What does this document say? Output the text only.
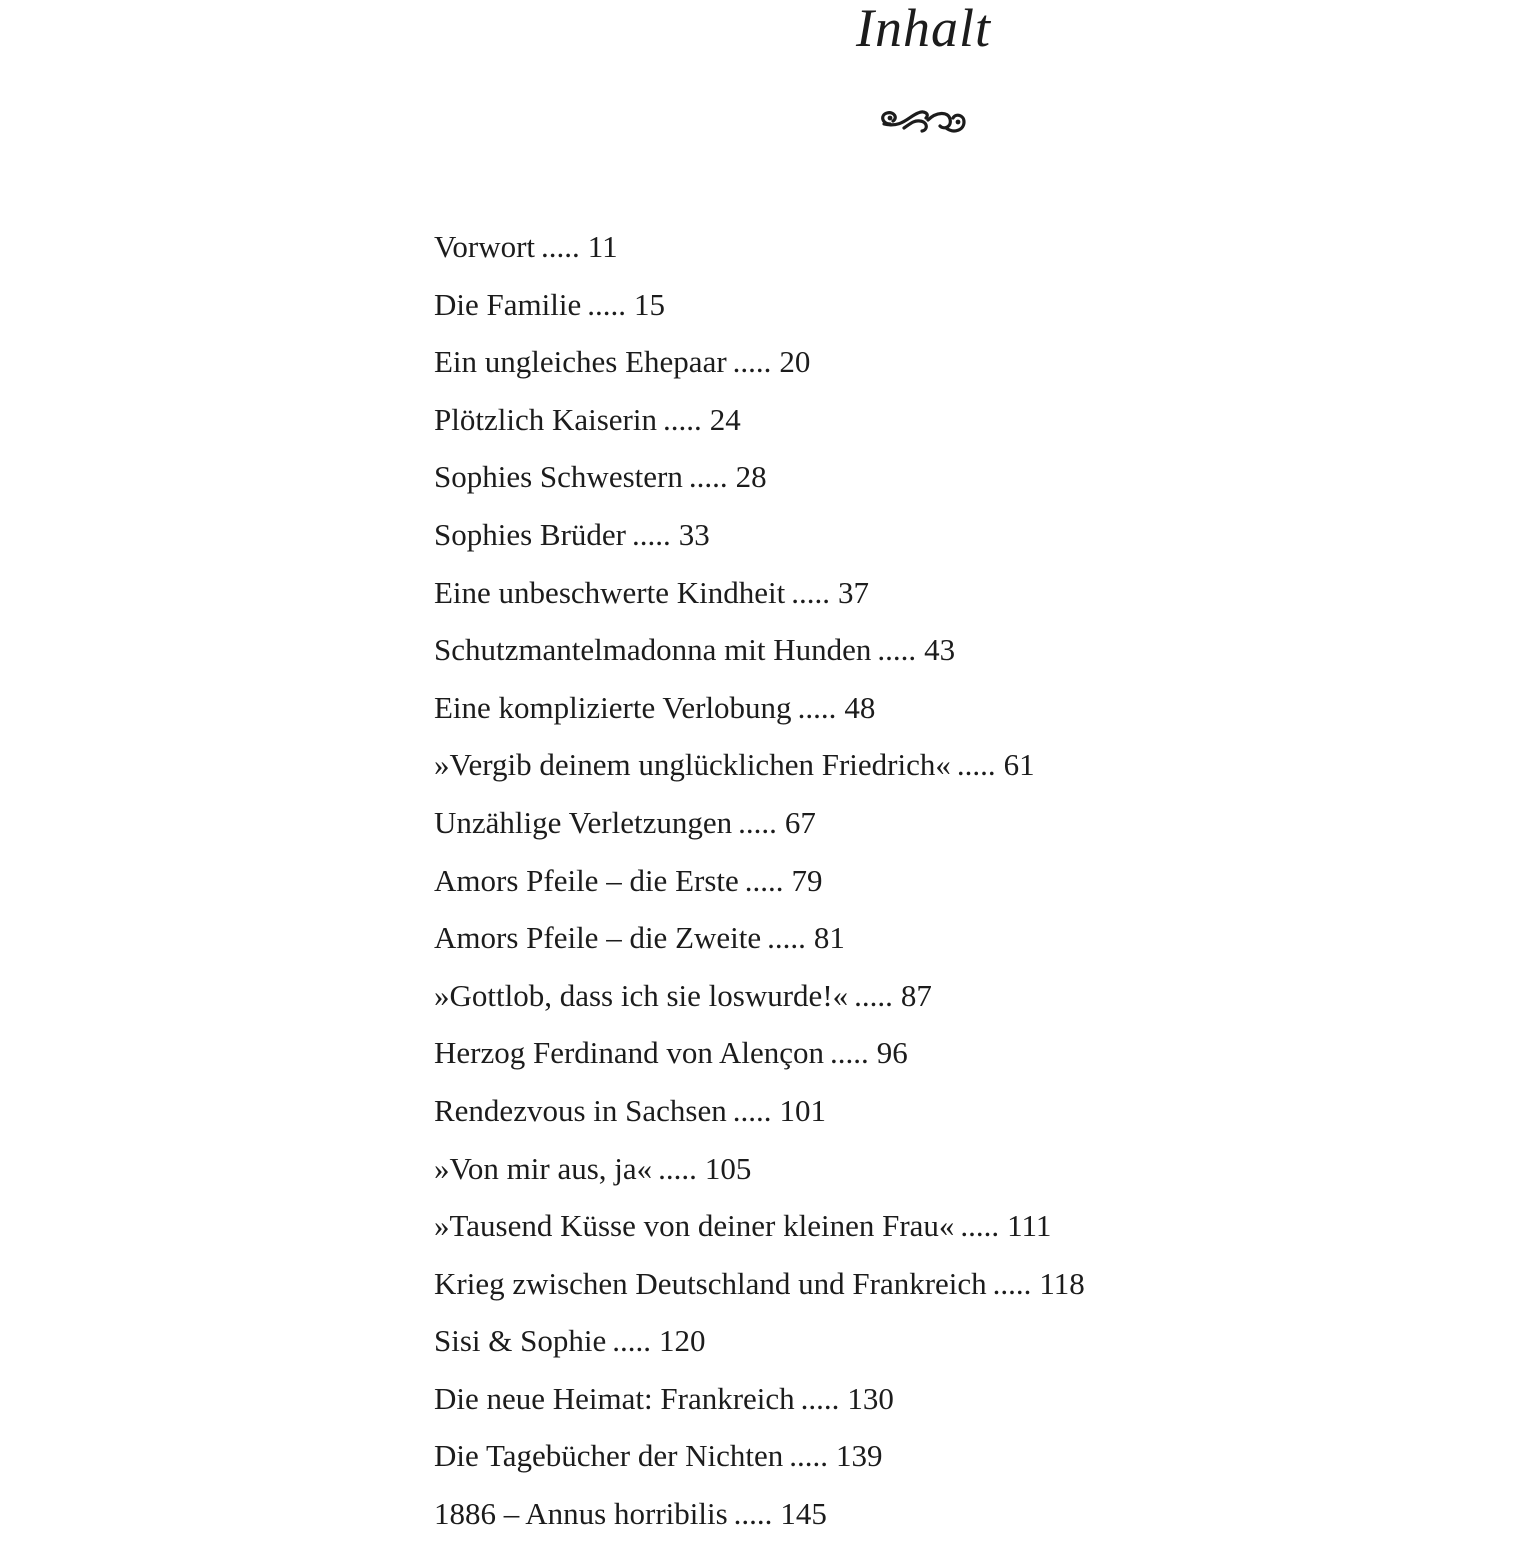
Inhalt
Vorwort ..... 11
Die Familie ..... 15
Ein ungleiches Ehepaar ..... 20
Plötzlich Kaiserin ..... 24
Sophies Schwestern ..... 28
Sophies Brüder ..... 33
Eine unbeschwerte Kindheit ..... 37
Schutzmantelmadonna mit Hunden ..... 43
Eine komplizierte Verlobung ..... 48
»Vergib deinem unglücklichen Friedrich« ..... 61
Unzählige Verletzungen ..... 67
Amors Pfeile – die Erste ..... 79
Amors Pfeile – die Zweite ..... 81
»Gottlob, dass ich sie loswurde!« ..... 87
Herzog Ferdinand von Alençon ..... 96
Rendezvous in Sachsen ..... 101
»Von mir aus, ja« ..... 105
»Tausend Küsse von deiner kleinen Frau« ..... 111
Krieg zwischen Deutschland und Frankreich ..... 118
Sisi & Sophie ..... 120
Die neue Heimat: Frankreich ..... 130
Die Tagebücher der Nichten ..... 139
1886 – Annus horribilis ..... 145
